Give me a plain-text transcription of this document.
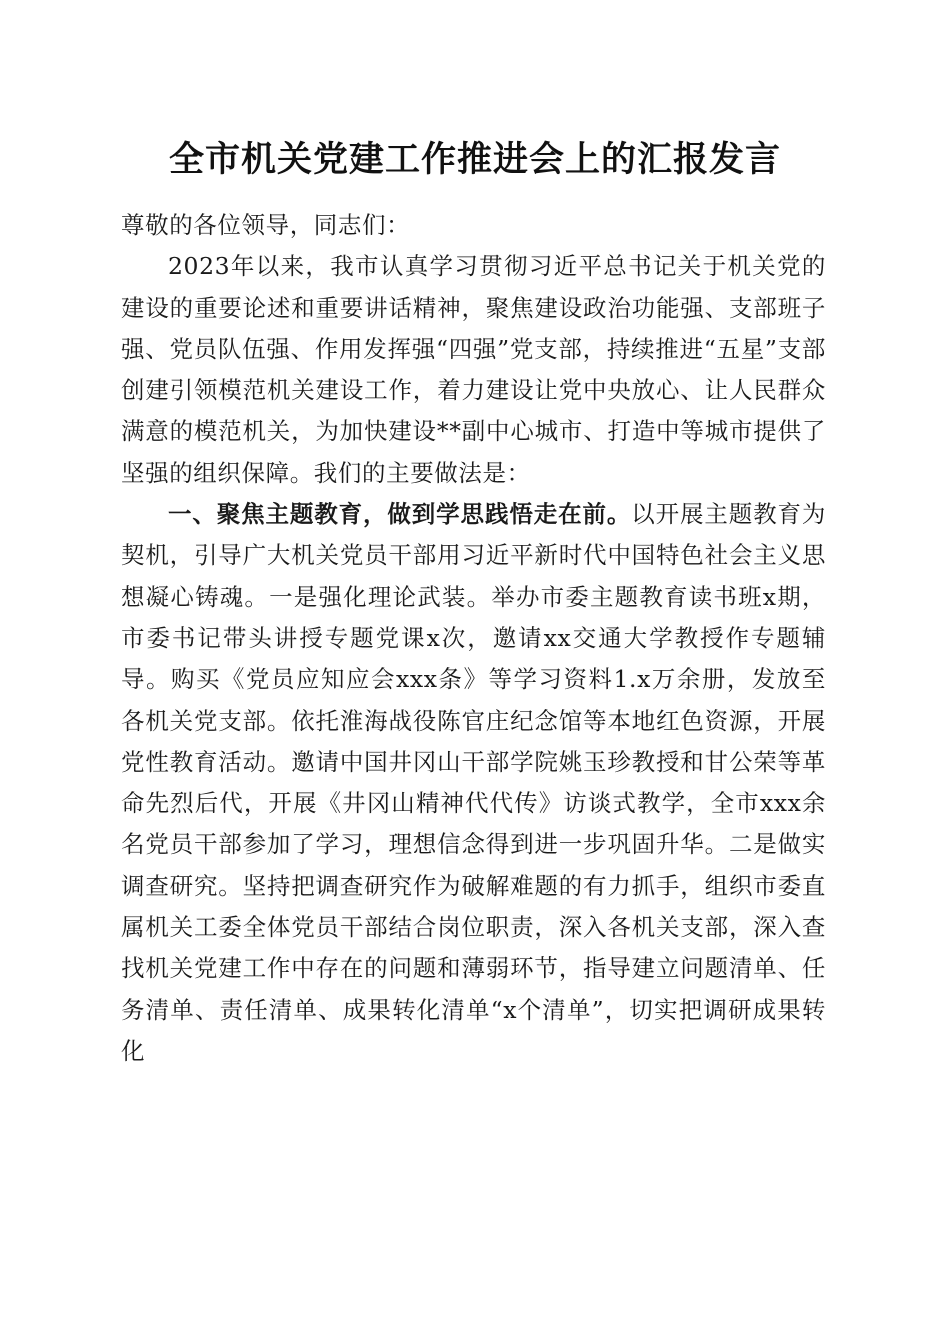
全市机关党建工作推进会上的汇报发言

尊敬的各位领导，同志们：

2023年以来，我市认真学习贯彻习近平总书记关于机关党的建设的重要论述和重要讲话精神，聚焦建设政治功能强、支部班子强、党员队伍强、作用发挥强“四强”党支部，持续推进“五星”支部创建引领模范机关建设工作，着力建设让党中央放心、让人民群众满意的模范机关，为加快建设**副中心城市、打造中等城市提供了坚强的组织保障。我们的主要做法是：

一、聚焦主题教育，做到学思践悟走在前。以开展主题教育为契机，引导广大机关党员干部用习近平新时代中国特色社会主义思想凝心铸魂。一是强化理论武装。举办市委主题教育读书班x期，市委书记带头讲授专题党课x次，邀请xx交通大学教授作专题辅导。购买《党员应知应会xxx条》等学习资料1.x万余册，发放至各机关党支部。依托淮海战役陈官庄纪念馆等本地红色资源，开展党性教育活动。邀请中国井冈山干部学院姚玉珍教授和甘公荣等革命先烈后代，开展《井冈山精神代代传》访谈式教学，全市xxx余名党员干部参加了学习，理想信念得到进一步巩固升华。二是做实调查研究。坚持把调查研究作为破解难题的有力抓手，组织市委直属机关工委全体党员干部结合岗位职责，深入各机关支部，深入查找机关党建工作中存在的问题和薄弱环节，指导建立问题清单、任务清单、责任清单、成果转化清单“x个清单”，切实把调研成果转化
